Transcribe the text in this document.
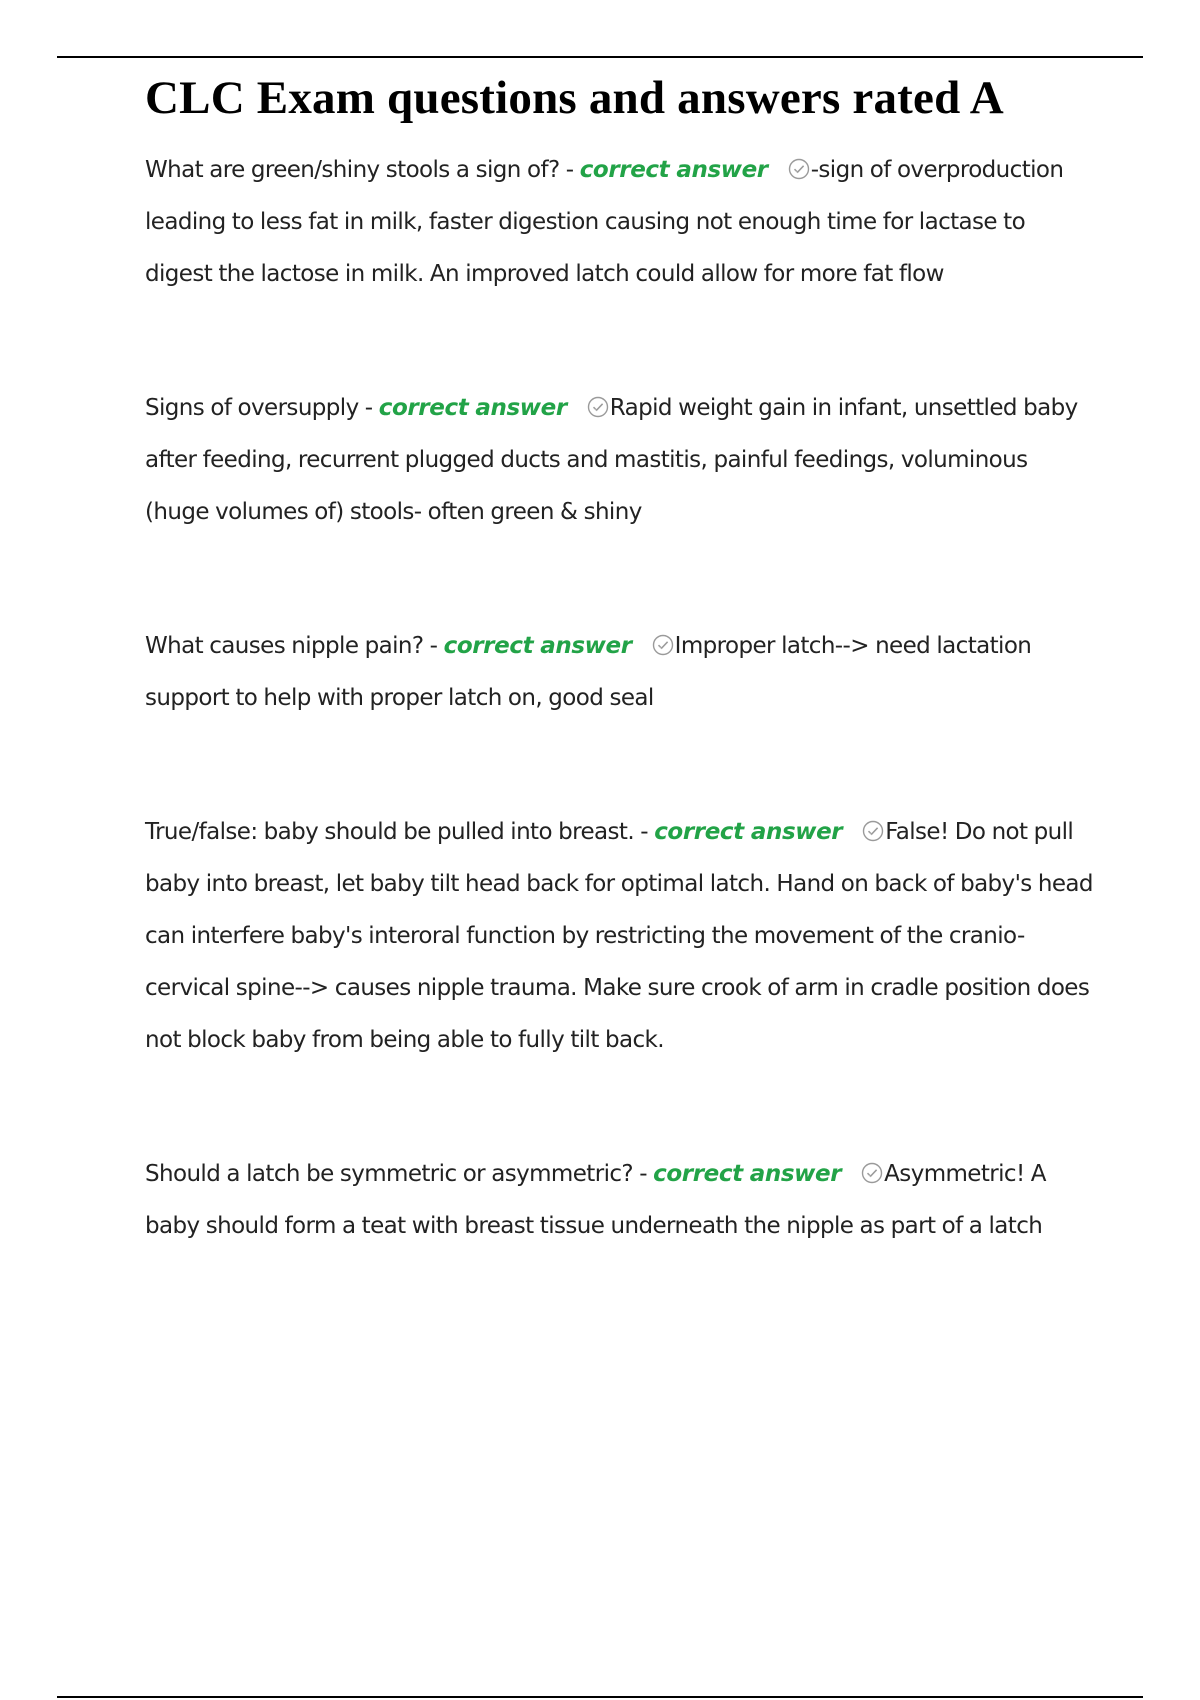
CLC Exam questions and answers rated A

What are green/shiny stools a sign of? - correct answer -sign of overproduction leading to less fat in milk, faster digestion causing not enough time for lactase to digest the lactose in milk. An improved latch could allow for more fat flow

Signs of oversupply - correct answer Rapid weight gain in infant, unsettled baby after feeding, recurrent plugged ducts and mastitis, painful feedings, voluminous (huge volumes of) stools- often green & shiny

What causes nipple pain? - correct answer Improper latch--> need lactation support to help with proper latch on, good seal

True/false: baby should be pulled into breast. - correct answer False! Do not pull baby into breast, let baby tilt head back for optimal latch. Hand on back of baby's head can interfere baby's interoral function by restricting the movement of the cranio-cervical spine--> causes nipple trauma. Make sure crook of arm in cradle position does not block baby from being able to fully tilt back.

Should a latch be symmetric or asymmetric? - correct answer Asymmetric! A baby should form a teat with breast tissue underneath the nipple as part of a latch
